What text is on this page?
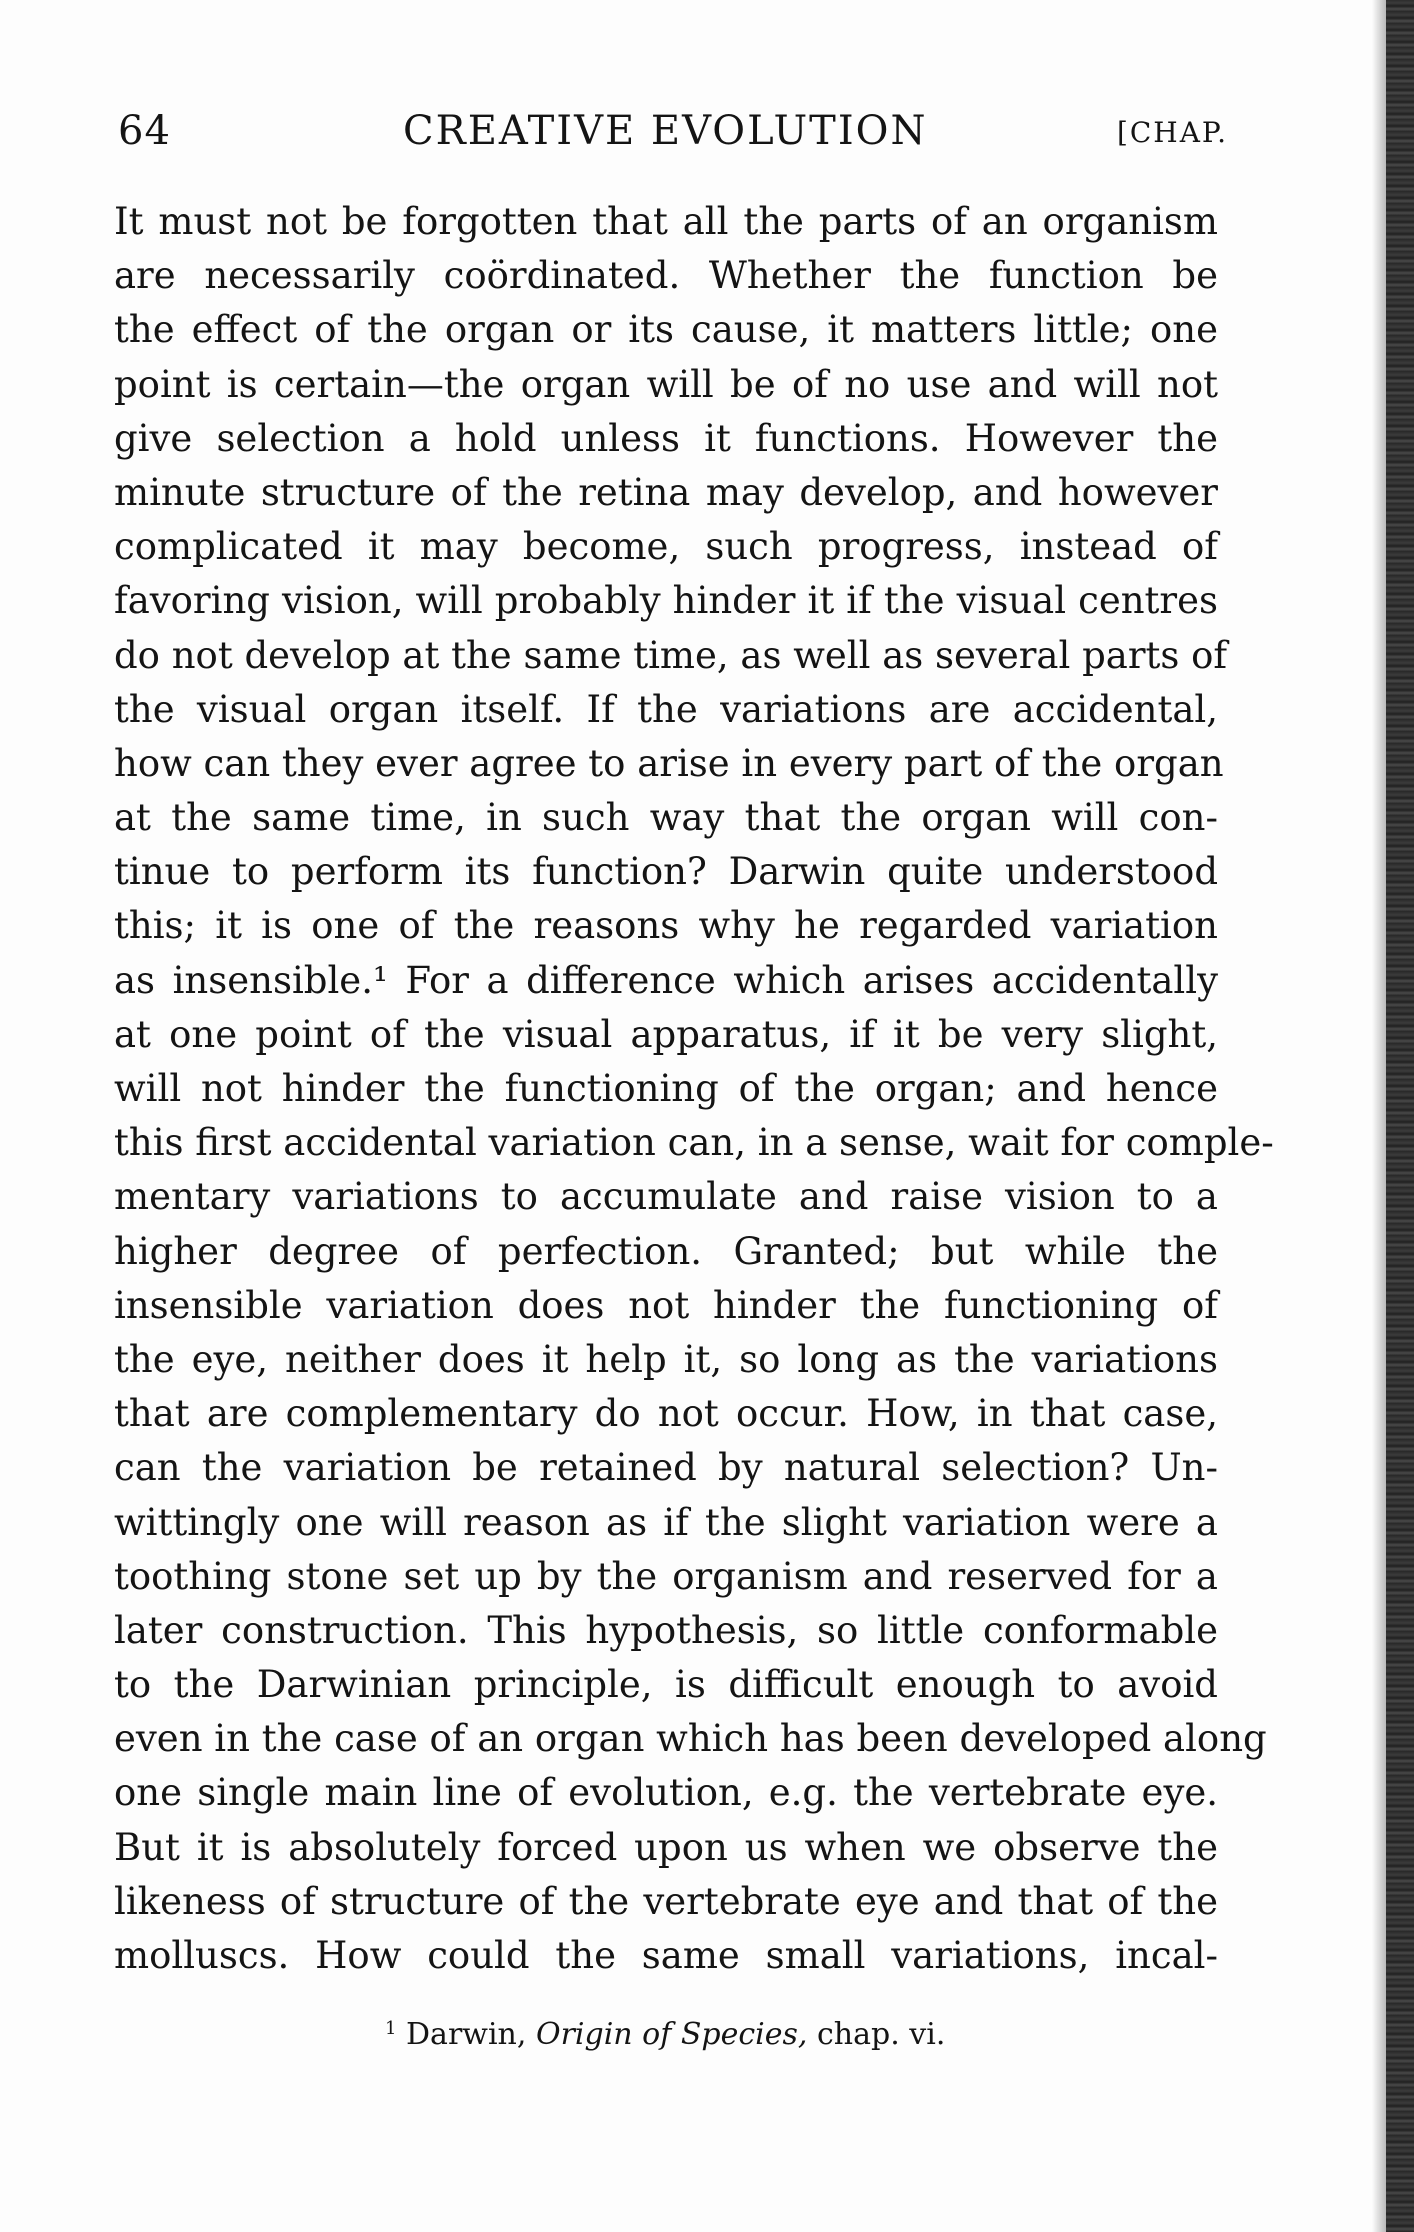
64	CREATIVE EVOLUTION	[CHAP.
It must not be forgotten that all the parts of an organism
are necessarily coördinated. Whether the function be
the effect of the organ or its cause, it matters little; one
point is certain—the organ will be of no use and will not
give selection a hold unless it functions. However the
minute structure of the retina may develop, and however
complicated it may become, such progress, instead of
favoring vision, will probably hinder it if the visual centres
do not develop at the same time, as well as several parts of
the visual organ itself. If the variations are accidental,
how can they ever agree to arise in every part of the organ
at the same time, in such way that the organ will con-
tinue to perform its function? Darwin quite understood
this; it is one of the reasons why he regarded variation
as insensible.¹ For a difference which arises accidentally
at one point of the visual apparatus, if it be very slight,
will not hinder the functioning of the organ; and hence
this first accidental variation can, in a sense, wait for comple-
mentary variations to accumulate and raise vision to a
higher degree of perfection. Granted; but while the
insensible variation does not hinder the functioning of
the eye, neither does it help it, so long as the variations
that are complementary do not occur. How, in that case,
can the variation be retained by natural selection? Un-
wittingly one will reason as if the slight variation were a
toothing stone set up by the organism and reserved for a
later construction. This hypothesis, so little conformable
to the Darwinian principle, is difficult enough to avoid
even in the case of an organ which has been developed along
one single main line of evolution, e.g. the vertebrate eye.
But it is absolutely forced upon us when we observe the
likeness of structure of the vertebrate eye and that of the
molluscs. How could the same small variations, incal-
$^1$ Darwin, Origin of Species, chap. vi.
